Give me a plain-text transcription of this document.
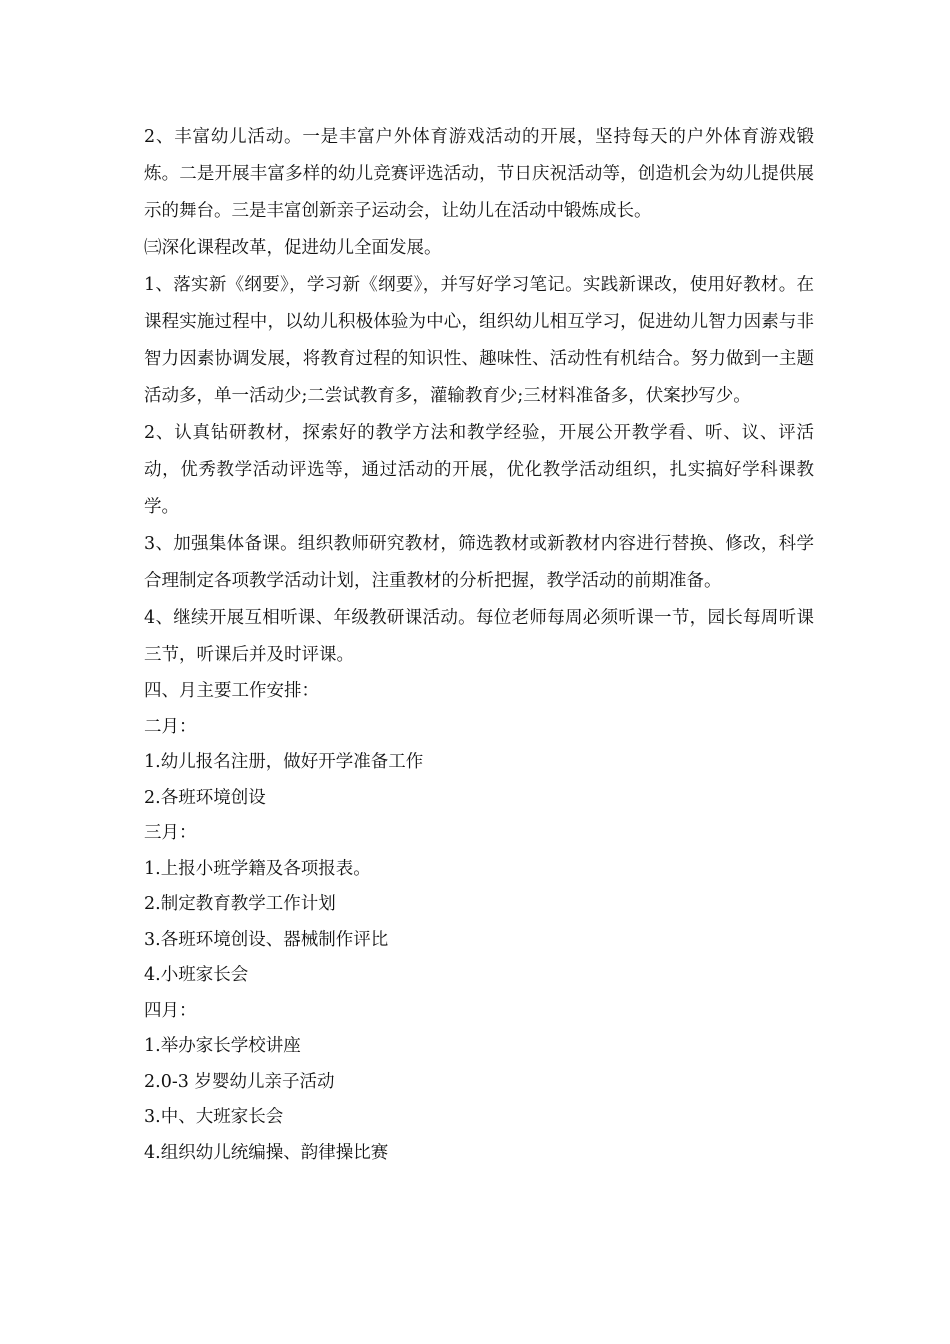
2、丰富幼儿活动。一是丰富户外体育游戏活动的开展，坚持每天的户外体育游戏锻炼。二是开展丰富多样的幼儿竞赛评选活动，节日庆祝活动等，创造机会为幼儿提供展示的舞台。三是丰富创新亲子运动会，让幼儿在活动中锻炼成长。

㈢深化课程改革，促进幼儿全面发展。

1、落实新《纲要》，学习新《纲要》，并写好学习笔记。实践新课改，使用好教材。在课程实施过程中，以幼儿积极体验为中心，组织幼儿相互学习，促进幼儿智力因素与非智力因素协调发展，将教育过程的知识性、趣味性、活动性有机结合。努力做到一主题活动多，单一活动少;二尝试教育多，灌输教育少;三材料准备多，伏案抄写少。

2、认真钻研教材，探索好的教学方法和教学经验，开展公开教学看、听、议、评活动，优秀教学活动评选等，通过活动的开展，优化教学活动组织，扎实搞好学科课教学。

3、加强集体备课。组织教师研究教材，筛选教材或新教材内容进行替换、修改，科学合理制定各项教学活动计划，注重教材的分析把握，教学活动的前期准备。

4、继续开展互相听课、年级教研课活动。每位老师每周必须听课一节，园长每周听课三节，听课后并及时评课。

四、月主要工作安排：

二月：

1.幼儿报名注册，做好开学准备工作

2.各班环境创设

三月：

1.上报小班学籍及各项报表。

2.制定教育教学工作计划

3.各班环境创设、器械制作评比

4.小班家长会

四月：

1.举办家长学校讲座

2.0-3 岁婴幼儿亲子活动

3.中、大班家长会

4.组织幼儿统编操、韵律操比赛
